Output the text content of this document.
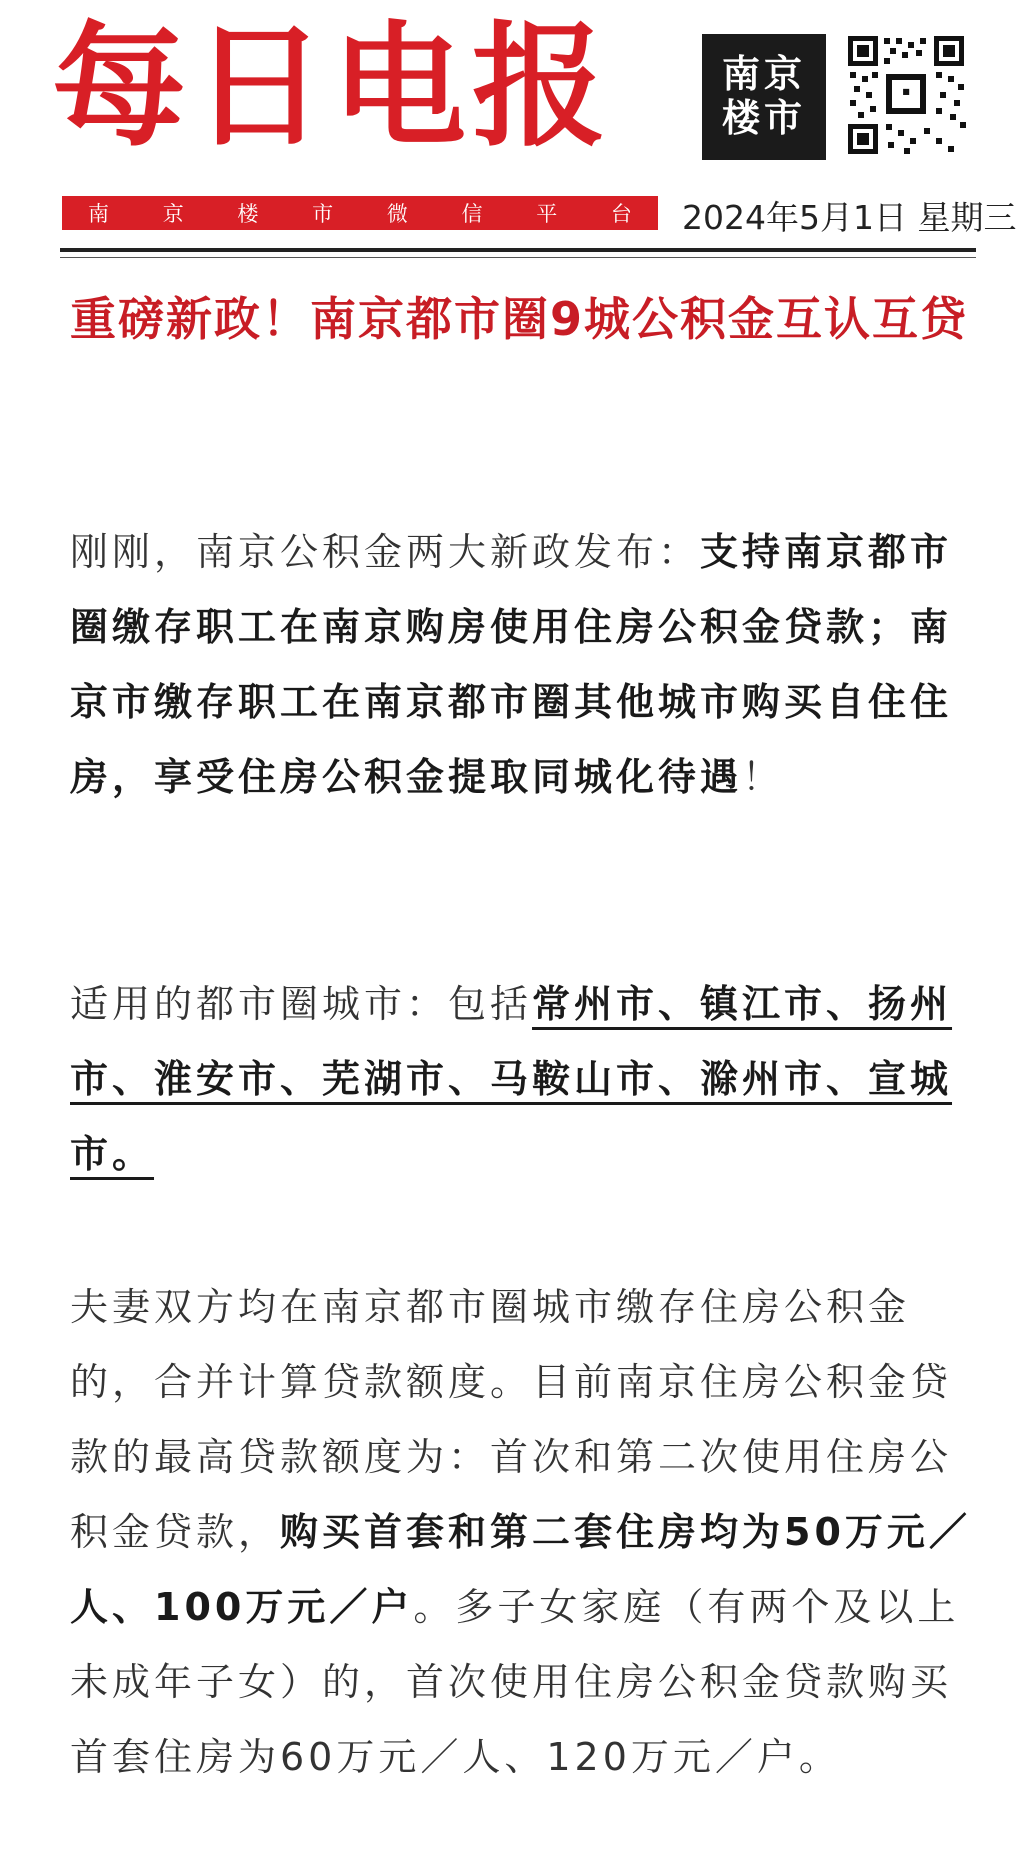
每日电报	南京
楼市
■
南	京	楼	市	微	信	平	台 2024年5月1日 星期三
重磅新政！南京都市圈9城公积金互认互贷
刚刚，南京公积金两大新政发布：支持南京都市圈缴存职工在南京购房使用住房公积金贷款；南京市缴存职工在南京都市圈其他城市购买自住住房，享受住房公积金提取同城化待遇！
适用的都市圈城市：包括常州市、镇江市、扬州市、淮安市、芜湖市、马鞍山市、滁州市、宣城市。
夫妻双方均在南京都市圈城市缴存住房公积金的，合并计算贷款额度。目前南京住房公积金贷款的最高贷款额度为：首次和第二次使用住房公积金贷款，购买首套和第二套住房均为50万元／人、100万元／户。多子女家庭（有两个及以上未成年子女）的，首次使用住房公积金贷款购买首套住房为60万元／人、120万元／户。
